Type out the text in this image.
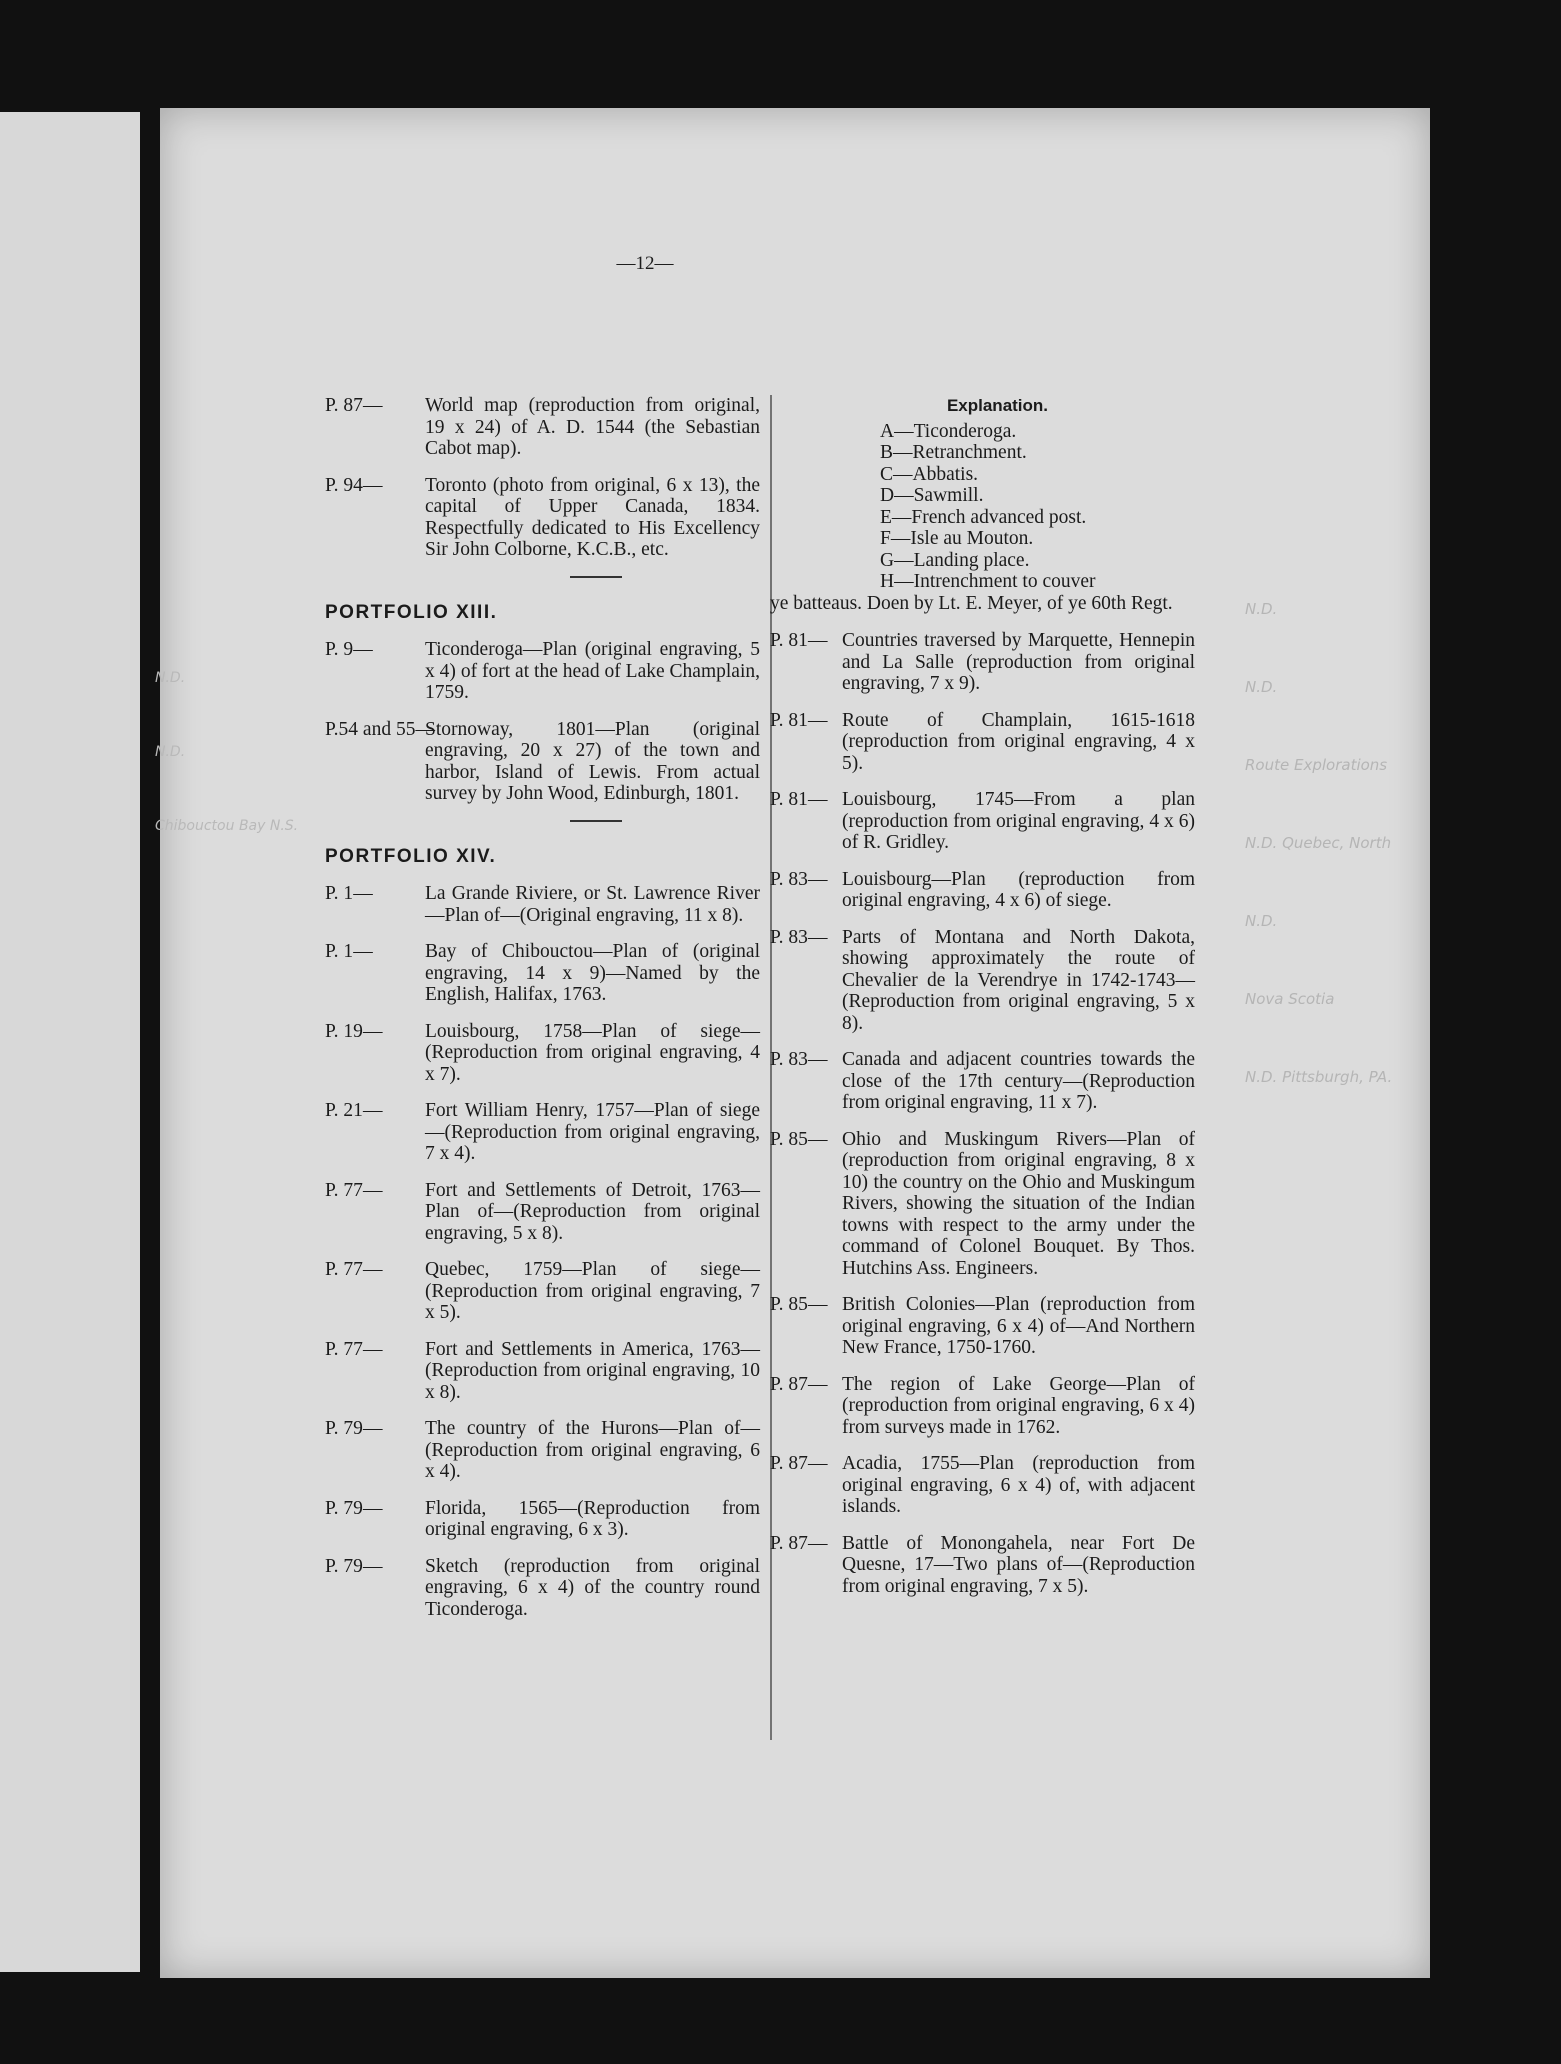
—12—
P. 87 —	World map (reproduction from original, 19 x 24) of A. D. 1544 (the Sebastian Cabot map).
P. 94 —	Toronto (photo from original, 6 x 13), the capital of Upper Canada, 1834. Respectfully dedicated to His Excellency Sir John Colborne, K.C.B., etc.
PORTFOLIO XIII.
P. 9 —	Ticonderoga—Plan (original engraving, 5 x 4) of fort at the head of Lake Champlain, 1759.
P.54 and 55 — Stornoway, 1801—Plan (original engraving, 20 x 27) of the town and harbor, Island of Lewis. From actual survey by John Wood, Edinburgh, 1801.
PORTFOLIO XIV.
P. 1 —	La Grande Riviere, or St. Lawrence River—Plan of—(Original engraving, 11 x 8).
P. 1 —	Bay of Chibouctou—Plan of (original engraving, 14 x 9)—Named by the English, Halifax, 1763.
P. 19 —	Louisbourg, 1758—Plan of siege—(Reproduction from original engraving, 4 x 7).
P. 21 —	Fort William Henry, 1757—Plan of siege—(Reproduction from original engraving, 7 x 4).
P. 77 —	Fort and Settlements of Detroit, 1763—Plan of—(Reproduction from original engraving, 5 x 8).
P. 77 —	Quebec, 1759—Plan of siege—(Reproduction from original engraving, 7 x 5).
P. 77 —	Fort and Settlements in America, 1763—(Reproduction from original engraving, 10 x 8).
P. 79 —	The country of the Hurons—Plan of—(Reproduction from original engraving, 6 x 4).
P. 79 —	Florida, 1565—(Reproduction from original engraving, 6 x 3).
P. 79 —	Sketch (reproduction from original engraving, 6 x 4) of the country round Ticonderoga.
Explanation.
A—Ticonderoga.
B—Retranchment.
C—Abbatis.
D—Sawmill.
E—French advanced post.
F—Isle au Mouton.
G—Landing place.
H—Intrenchment to couver
ye batteaus. Doen by Lt. E. Meyer, of ye 60th Regt.
P. 81 —	Countries traversed by Marquette, Hennepin and La Salle (reproduction from original engraving, 7 x 9).
P. 81 —	Route of Champlain, 1615-1618 (reproduction from original engraving, 4 x 5).
P. 81 —	Louisbourg, 1745—From a plan (reproduction from original engraving, 4 x 6) of R. Gridley.
P. 83 —	Louisbourg—Plan (reproduction from original engraving, 4 x 6) of siege.
P. 83 —	Parts of Montana and North Dakota, showing approximately the route of Chevalier de la Verendrye in 1742-1743—(Reproduction from original engraving, 5 x 8).
P. 83 —	Canada and adjacent countries towards the close of the 17th century—(Reproduction from original engraving, 11 x 7).
P. 85 —	Ohio and Muskingum Rivers—Plan of (reproduction from original engraving, 8 x 10) the country on the Ohio and Muskingum Rivers, showing the situation of the Indian towns with respect to the army under the command of Colonel Bouquet. By Thos. Hutchins Ass. Engineers.
P. 85 —	British Colonies—Plan (reproduction from original engraving, 6 x 4) of—And Northern New France, 1750-1760.
P. 87 —	The region of Lake George—Plan of (reproduction from original engraving, 6 x 4) from surveys made in 1762.
P. 87 —	Acadia, 1755—Plan (reproduction from original engraving, 6 x 4) of, with adjacent islands.
P. 87 —	Battle of Monongahela, near Fort De Quesne, 17—Two plans of—(Reproduction from original engraving, 7 x 5).
N.D.
N.D.
Route Explorations
N.D. Quebec, North
N.D.
Nova Scotia
N.D. Pittsburgh, PA.
N.D.
N.D.
Chibouctou Bay N.S.
